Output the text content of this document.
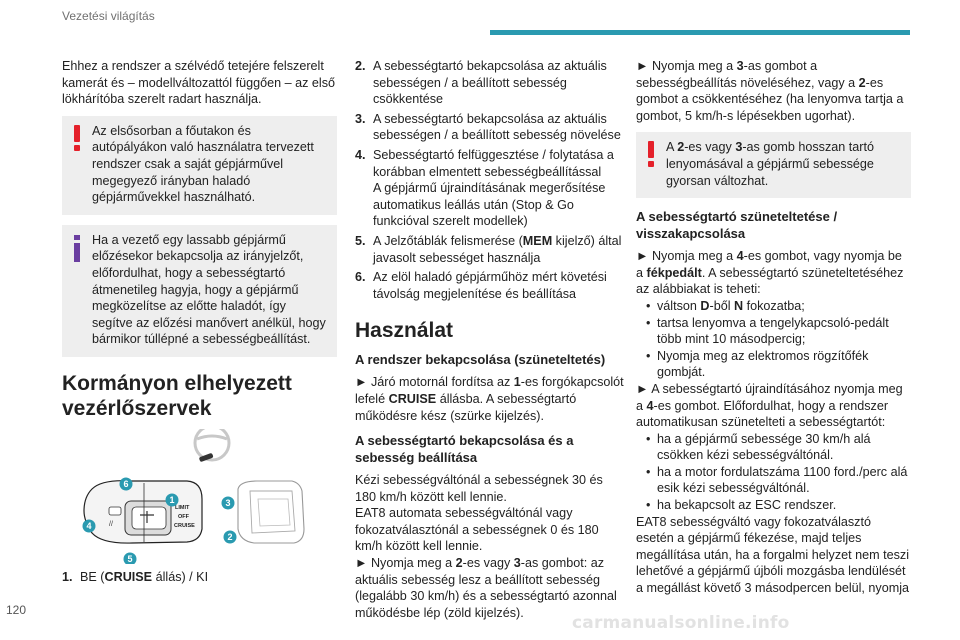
Vezetési világítás

Ehhez a rendszer a szélvédő tetejére felszerelt kamerát és – modellváltozattól függően – az első lökhárítóba szerelt radart használja.

Az elsősorban a főutakon és autópályákon való használatra tervezett rendszer csak a saját gépjárművel megegyező irányban haladó gépjárművekkel használható.
Ha a vezető egy lassabb gépjármű előzésekor bekapcsolja az irányjelzőt, előfordulhat, hogy a sebességtartó átmenetileg hagyja, hogy a gépjármű megközelítse az előtte haladót, így segítve az előzési manővert anélkül, hogy bármikor túllépné a sebességbeállítást.
Kormányon elhelyezett vezérlőszervek
//
LIMIT
OFF
CRUISE
1
2
3
4
5
6
1. BE (CRUISE állás) / KI
2. A sebességtartó bekapcsolása az aktuális sebességen / a beállított sebesség csökkentése
3. A sebességtartó bekapcsolása az aktuális sebességen / a beállított sebesség növelése
4. Sebességtartó felfüggesztése / folytatása a korábban elmentett sebességbeállítással
A gépjármű újraindításának megerősítése automatikus leállás után (Stop & Go funkcióval szerelt modellek)
5. A Jelzőtáblák felismerése (MEM kijelző) által javasolt sebességet használja
6. Az elöl haladó gépjárműhöz mért követési távolság megjelenítése és beállítása
Használat
A rendszer bekapcsolása (szüneteltetés)

► Járó motornál fordítsa az 1-es forgókapcsolót lefelé CRUISE állásba. A sebességtartó működésre kész (szürke kijelzés).

A sebességtartó bekapcsolása és a sebesség beállítása

Kézi sebességváltónál a sebességnek 30 és 180 km/h között kell lennie.

EAT8 automata sebességváltónál vagy fokozatválasztónál a sebességnek 0 és 180 km/h között kell lennie.

► Nyomja meg a 2-es vagy 3-as gombot: az aktuális sebesség lesz a beállított sebesség (legalább 30 km/h) és a sebességtartó azonnal működésbe lép (zöld kijelzés).

► Nyomja meg a 3-as gombot a sebességbeállítás növeléséhez, vagy a 2-es gombot a csökkentéséhez (ha lenyomva tartja a gombot, 5 km/h-s lépésekben ugorhat).

A 2-es vagy 3-as gomb hosszan tartó lenyomásával a gépjármű sebessége gyorsan változhat.
A sebességtartó szüneteltetése / visszakapcsolása

► Nyomja meg a 4-es gombot, vagy nyomja be a fékpedált. A sebességtartó szüneteltetéséhez az alábbiakat is teheti:

• váltson D-ből N fokozatba;
• tartsa lenyomva a tengelykapcsoló-pedált több mint 10 másodpercig;
• Nyomja meg az elektromos rögzítőfék gombját.

► A sebességtartó újraindításához nyomja meg a 4-es gombot. Előfordulhat, hogy a rendszer automatikusan szünetelteti a sebességtartót:

• ha a gépjármű sebessége 30 km/h alá csökken kézi sebességváltónál.
• ha a motor fordulatszáma 1100 ford./perc alá esik kézi sebességváltónál.
• ha bekapcsolt az ESC rendszer.

EAT8 sebességváltó vagy fokozatválasztó esetén a gépjármű fékezése, majd teljes megállítása után, ha a forgalmi helyzet nem teszi lehetővé a gépjármű újbóli mozgásba lendülését a megállást követő 3 másodpercen belül, nyomja

120
carmanualsonline.info
